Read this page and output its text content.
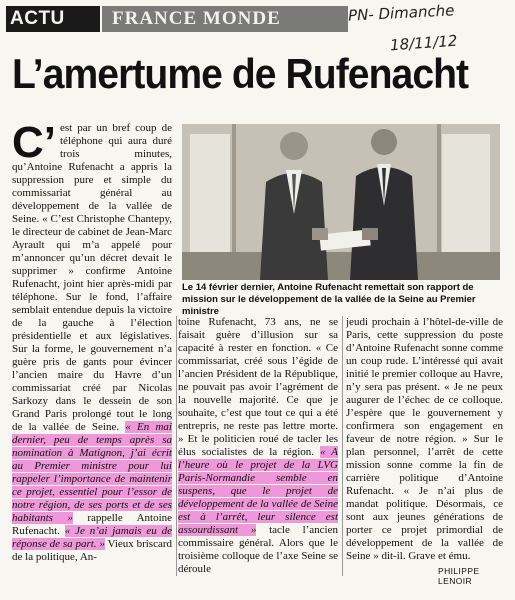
ACTU	FRANCE MONDE	PN- Dimanche
18/11/12
L’amertume de Rufenacht
C’ est par un bref coup de téléphone qui aura duré trois minutes, qu’Antoine Rufenacht a appris la suppression pure et simple du commissariat général au développement de la vallée de Seine. « C’est Christophe Chantepy, le directeur de cabinet de Jean-Marc Ayrault qui m’a appelé pour m’annoncer qu’un décret devait le supprimer » confirme Antoine Rufenacht, joint hier après-midi par téléphone. Sur le fond, l’affaire semblait entendue depuis la victoire de la gauche à l’élection présidentielle et aux législatives. Sur la forme, le gouvernement n’a guère pris de gants pour évincer l’ancien maire du Havre d’un commissariat créé par Nicolas Sarkozy dans le dessein de son Grand Paris prolongé tout le long de la vallée de Seine. « En mai dernier, peu de temps après sa nomination à Matignon, j’ai écrit au Premier ministre pour lui rappeler l’importance de maintenir ce projet, essentiel pour l’essor de notre région, de ses ports et de ses habitants » rappelle Antoine Rufenacht. « Je n’ai jamais eu de réponse de sa part. » Vieux briscard de la politique, An-

Le 14 février dernier, Antoine Rufenacht remettait son rapport de mission sur le développement de la vallée de la Seine au Premier ministre

toine Rufenacht, 73 ans, ne se faisait guère d’illusion sur sa capacité à rester en fonction. « Ce commissariat, créé sous l’égide de l’ancien Président de la République, ne pouvait pas avoir l’agrément de la nouvelle majorité. Ce que je souhaite, c’est que tout ce qui a été entrepris, ne reste pas lettre morte. » Et le politicien roué de tacler les élus socialistes de la région. « A l’heure où le projet de la LVG Paris-Normandie semble en suspens, que le projet de développement de la vallée de Seine est à l’arrêt, leur silence est assourdissant » tacle l’ancien commissaire général. Alors que le troisième colloque de l’axe Seine se déroule

jeudi prochain à l’hôtel-de-ville de Paris, cette suppression du poste d’Antoine Rufenacht sonne comme un coup rude. L’intéressé qui avait initié le premier colloque au Havre, n’y sera pas présent. « Je ne peux augurer de l’échec de ce colloque. J’espère que le gouvernement y confirmera son engagement en faveur de notre région. » Sur le plan personnel, l’arrêt de cette mission sonne comme la fin de carrière politique d’Antoine Rufenacht. « Je n’ai plus de mandat politique. Désormais, ce sont aux jeunes générations de porter ce projet primordial de développement de la vallée de Seine » dit-il. Grave et ému.

PHILIPPE LENOIR
